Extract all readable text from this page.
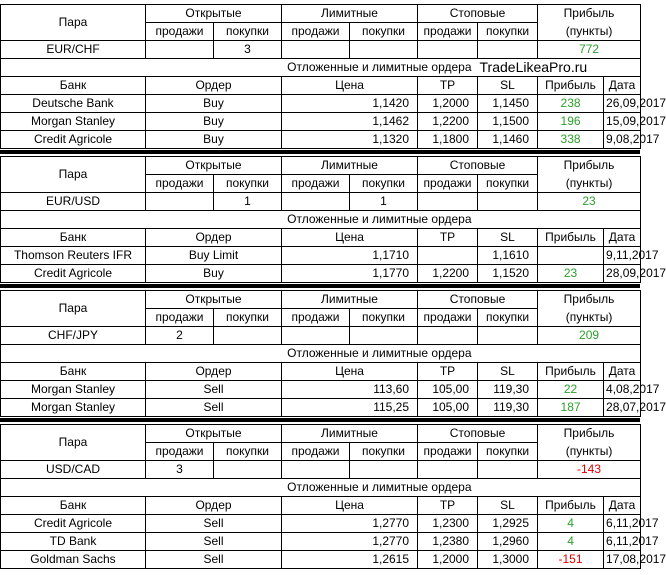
Пара	Открытые		Лимитные		Стоповые		Прибыль	
	продажи	покупки	продажи	покупки	продажи	покупки	(пункты)	
EUR/CHF		3					772	
Отложенные и лимитные ордера						TradeLikeaPro.ru		
Банк	Ордер		Цена		TP	SL	Прибыль	Дата
Deutsche Bank	Buy		1,1420		1,2000	1,1450	238	26,09,2017
Morgan Stanley	Buy		1,1462		1,2200	1,1500	196	15,09,2017
Credit Agricole	Buy		1,1320		1,1800	1,1460	338	9,08,2017
Пара	Открытые		Лимитные		Стоповые		Прибыль	
	продажи	покупки	продажи	покупки	продажи	покупки	(пункты)	
EUR/USD		1		1			23	
Отложенные и лимитные ордера								
Банк	Ордер		Цена		TP	SL	Прибыль	Дата
Thomson Reuters IFR	Buy Limit		1,1710			1,1610		9,11,2017
Credit Agricole	Buy		1,1770		1,2200	1,1520	23	28,09,2017
Пара	Открытые		Лимитные		Стоповые		Прибыль	
	продажи	покупки	продажи	покупки	продажи	покупки	(пункты)	
CHF/JPY	2						209	
Отложенные и лимитные ордера								
Банк	Ордер		Цена		TP	SL	Прибыль	Дата
Morgan Stanley	Sell		113,60		105,00	119,30	22	4,08,2017
Morgan Stanley	Sell		115,25		105,00	119,30	187	28,07,2017
Пара	Открытые		Лимитные		Стоповые		Прибыль	
	продажи	покупки	продажи	покупки	продажи	покупки	(пункты)	
USD/CAD	3						-143	
Отложенные и лимитные ордера								
Банк	Ордер		Цена		TP	SL	Прибыль	Дата
Credit Agricole	Sell		1,2770		1,2300	1,2925	4	6,11,2017
TD Bank	Sell		1,2770		1,2380	1,2960	4	6,11,2017
Goldman Sachs	Sell		1,2615		1,2000	1,3000	-151	17,08,2017
